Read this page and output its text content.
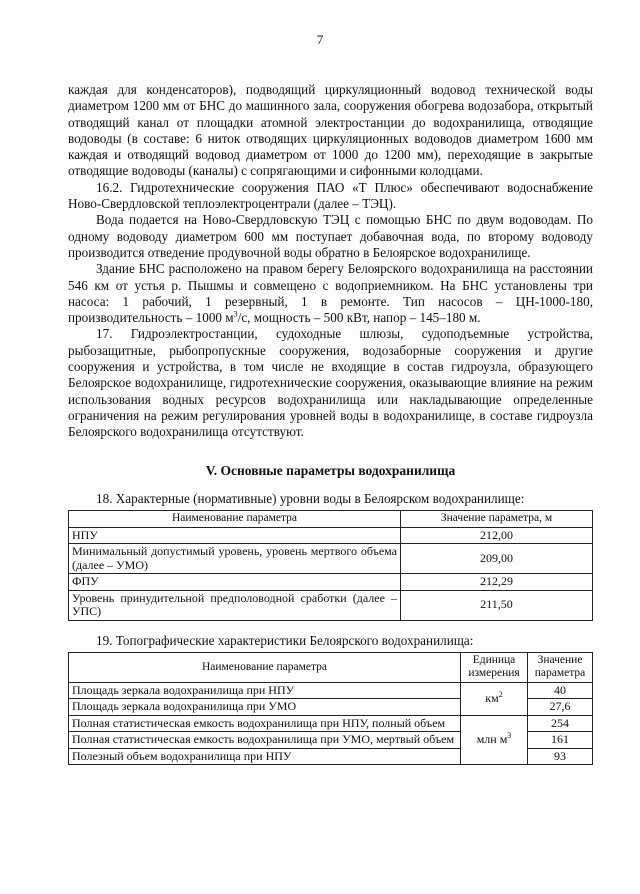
7

каждая для конденсаторов), подводящий циркуляционный водовод технической воды диаметром 1200 мм от БНС до машинного зала, сооружения обогрева водозабора, открытый отводящий канал от площадки атомной электростанции до водохранилища, отводящие водоводы (в составе: 6 ниток отводящих циркуляционных водоводов диаметром 1600 мм каждая и отводящий водовод диаметром от 1000 до 1200 мм), переходящие в закрытые отводящие водоводы (каналы) с сопрягающими и сифонными колодцами.

16.2. Гидротехнические сооружения ПАО «Т Плюс» обеспечивают водоснабжение Ново-Свердловской теплоэлектроцентрали (далее – ТЭЦ).

Вода подается на Ново-Свердловскую ТЭЦ с помощью БНС по двум водоводам. По одному водоводу диаметром 600 мм поступает добавочная вода, по второму водоводу производится отведение продувочной воды обратно в Белоярское водохранилище.

Здание БНС расположено на правом берегу Белоярского водохранилища на расстоянии 546 км от устья р. Пышмы и совмещено с водоприемником. На БНС установлены три насоса: 1 рабочий, 1 резервный, 1 в ремонте. Тип насосов – ЦН-1000-180, производительность – 1000 $м^3/с$, мощность – 500 кВт, напор – 145–180 м.

17. Гидроэлектростанции, судоходные шлюзы, судоподъемные устройства, рыбозащитные, рыбопропускные сооружения, водозаборные сооружения и другие сооружения и устройства, в том числе не входящие в состав гидроузла, образующего Белоярское водохранилище, гидротехнические сооружения, оказывающие влияние на режим использования водных ресурсов водохранилища или накладывающие определенные ограничения на режим регулирования уровней воды в водохранилище, в составе гидроузла Белоярского водохранилища отсутствуют.

V. Основные параметры водохранилища

18. Характерные (нормативные) уровни воды в Белоярском водохранилище:

Наименование параметра	Значение параметра, м
НПУ	212,00
Минимальный допустимый уровень, уровень мертвого объема (далее – УМО)	209,00
ФПУ	212,29
Уровень принудительной предполоводной сработки (далее – УПС)	211,50

19. Топографические характеристики Белоярского водохранилища:

Наименование параметра	Единица измерения	Значение параметра
Площадь зеркала водохранилища при НПУ	$км^2$	40
Площадь зеркала водохранилища при УМО		27,6
Полная статистическая емкость водохранилища при НПУ, полный объем	млн $м^3$	254
Полная статистическая емкость водохранилища при УМО, мертвый объем		161
Полезный объем водохранилища при НПУ		93
